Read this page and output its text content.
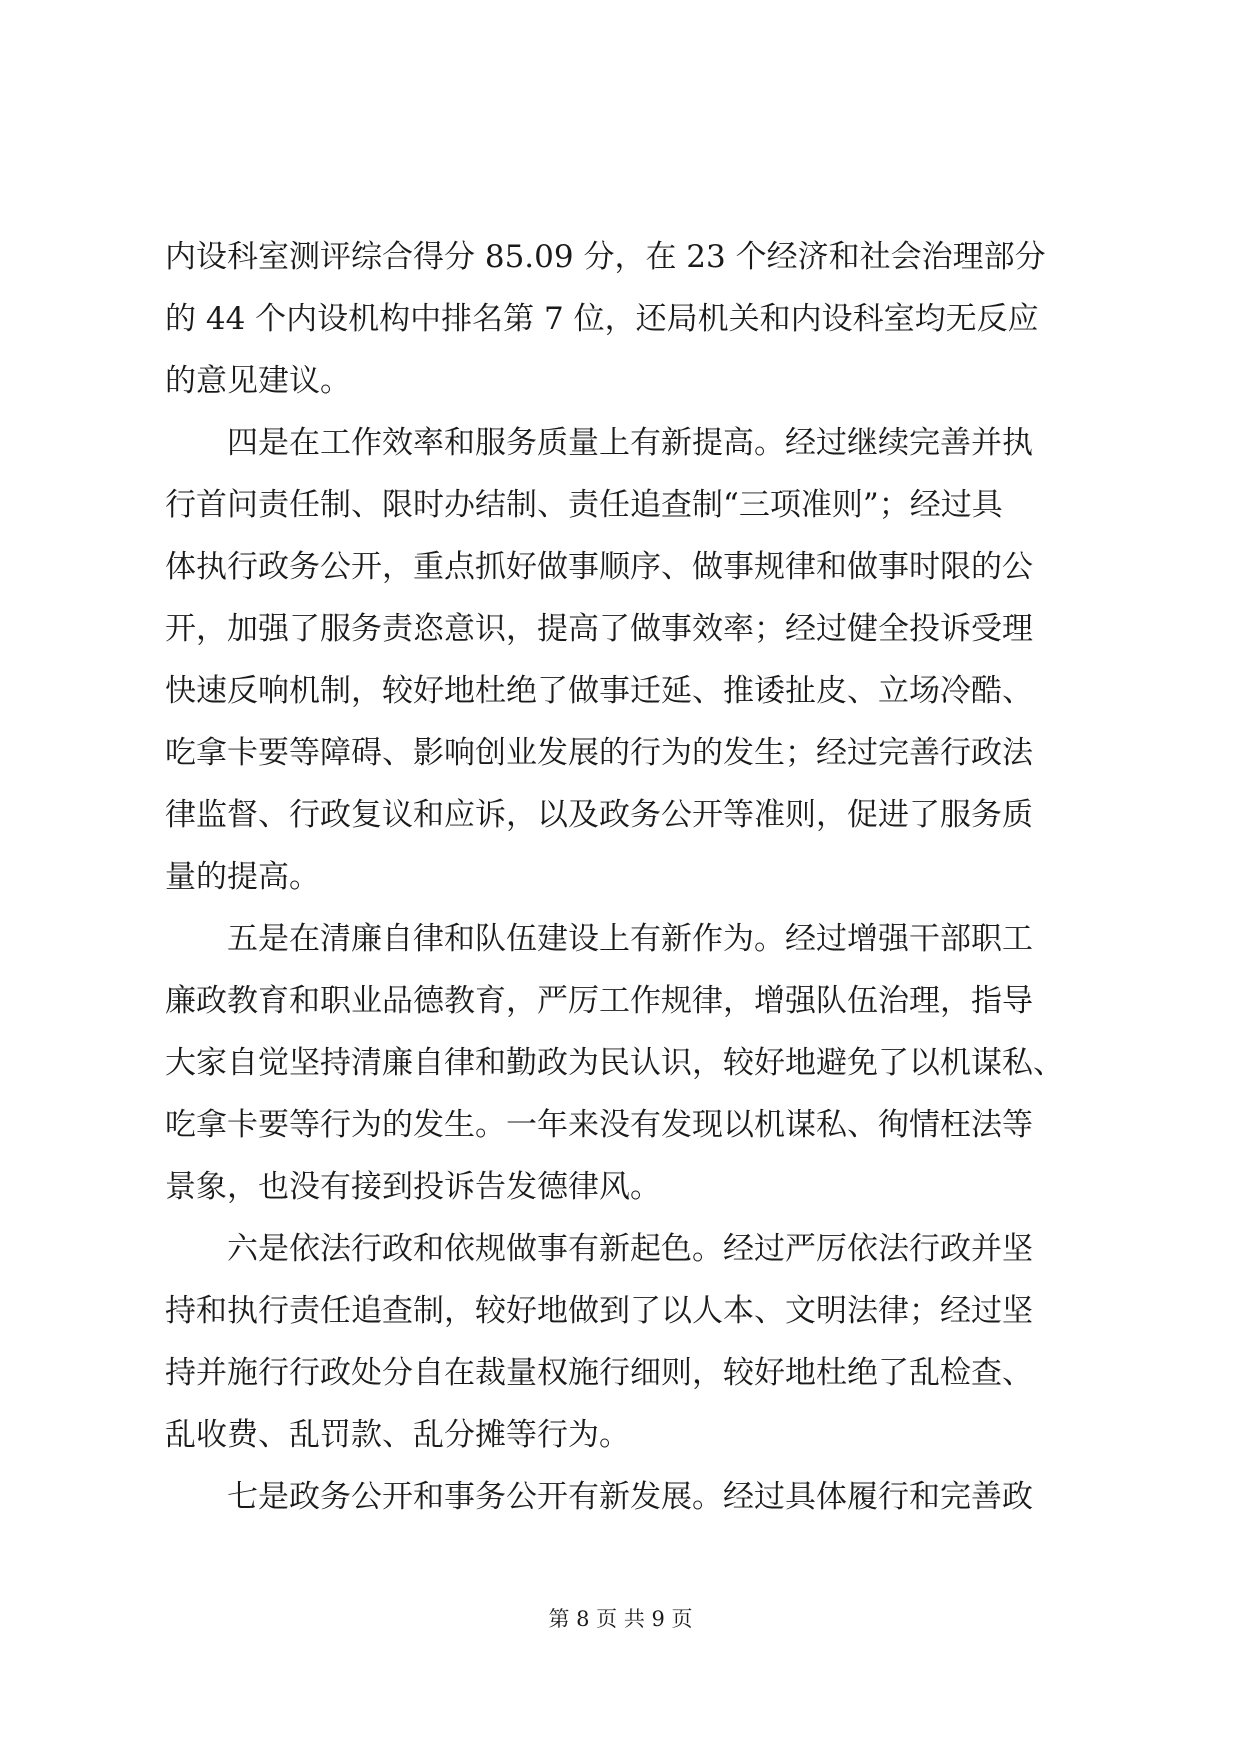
内设科室测评综合得分 85.09 分，在 23 个经济和社会治理部分
的 44 个内设机构中排名第 7 位，还局机关和内设科室均无反应
的意见建议。
四是在工作效率和服务质量上有新提高。经过继续完善并执
行首问责任制、限时办结制、责任追查制“三项准则”；经过具
体执行政务公开，重点抓好做事顺序、做事规律和做事时限的公
开，加强了服务责恣意识，提高了做事效率；经过健全投诉受理
快速反响机制，较好地杜绝了做事迁延、推诿扯皮、立场冷酷、
吃拿卡要等障碍、影响创业发展的行为的发生；经过完善行政法
律监督、行政复议和应诉，以及政务公开等准则，促进了服务质
量的提高。
五是在清廉自律和队伍建设上有新作为。经过增强干部职工
廉政教育和职业品德教育，严厉工作规律，增强队伍治理，指导
大家自觉坚持清廉自律和勤政为民认识，较好地避免了以机谋私、
吃拿卡要等行为的发生。一年来没有发现以机谋私、徇情枉法等
景象，也没有接到投诉告发德律风。
六是依法行政和依规做事有新起色。经过严厉依法行政并坚
持和执行责任追查制，较好地做到了以人本、文明法律；经过坚
持并施行行政处分自在裁量权施行细则，较好地杜绝了乱检查、
乱收费、乱罚款、乱分摊等行为。
七是政务公开和事务公开有新发展。经过具体履行和完善政
第 8 页 共 9 页
